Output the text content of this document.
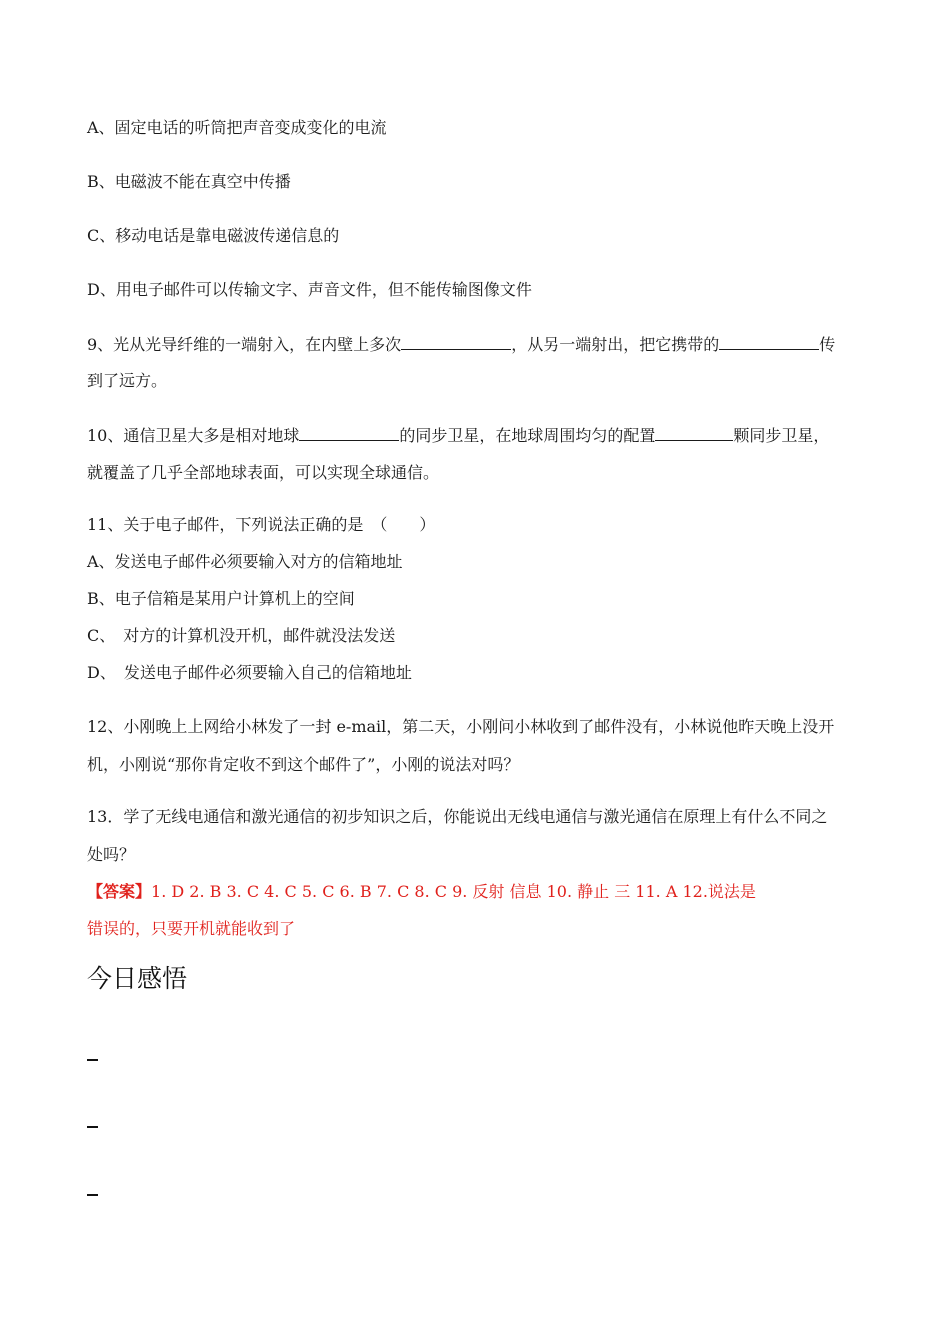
A、固定电话的听筒把声音变成变化的电流
B、电磁波不能在真空中传播
C、移动电话是靠电磁波传递信息的
D、用电子邮件可以传输文字、声音文件，但不能传输图像文件
9、光从光导纤维的一端射入，在内壁上多次	，从另一端射出，把它携带的	传
到了远方。
10、通信卫星大多是相对地球	的同步卫星，在地球周围均匀的配置	颗同步卫星，
就覆盖了几乎全部地球表面，可以实现全球通信。
11、关于电子邮件，下列说法正确的是　（　　）
A、发送电子邮件必须要输入对方的信箱地址
B、电子信箱是某用户计算机上的空间
C、　对方的计算机没开机，邮件就没法发送
D、　发送电子邮件必须要输入自己的信箱地址
12、小刚晚上上网给小林发了一封 e-mail，第二天，小刚问小林收到了邮件没有，小林说他昨天晚上没开
机，小刚说“那你肯定收不到这个邮件了”，小刚的说法对吗？
13．学了无线电通信和激光通信的初步知识之后，你能说出无线电通信与激光通信在原理上有什么不同之
处吗？
【答案】1. D 2. B 3. C 4. C 5. C 6. B 7. C 8. C 9. 反射 信息 10. 静止 三 11. A 12.说法是
错误的，只要开机就能收到了
今日感悟
